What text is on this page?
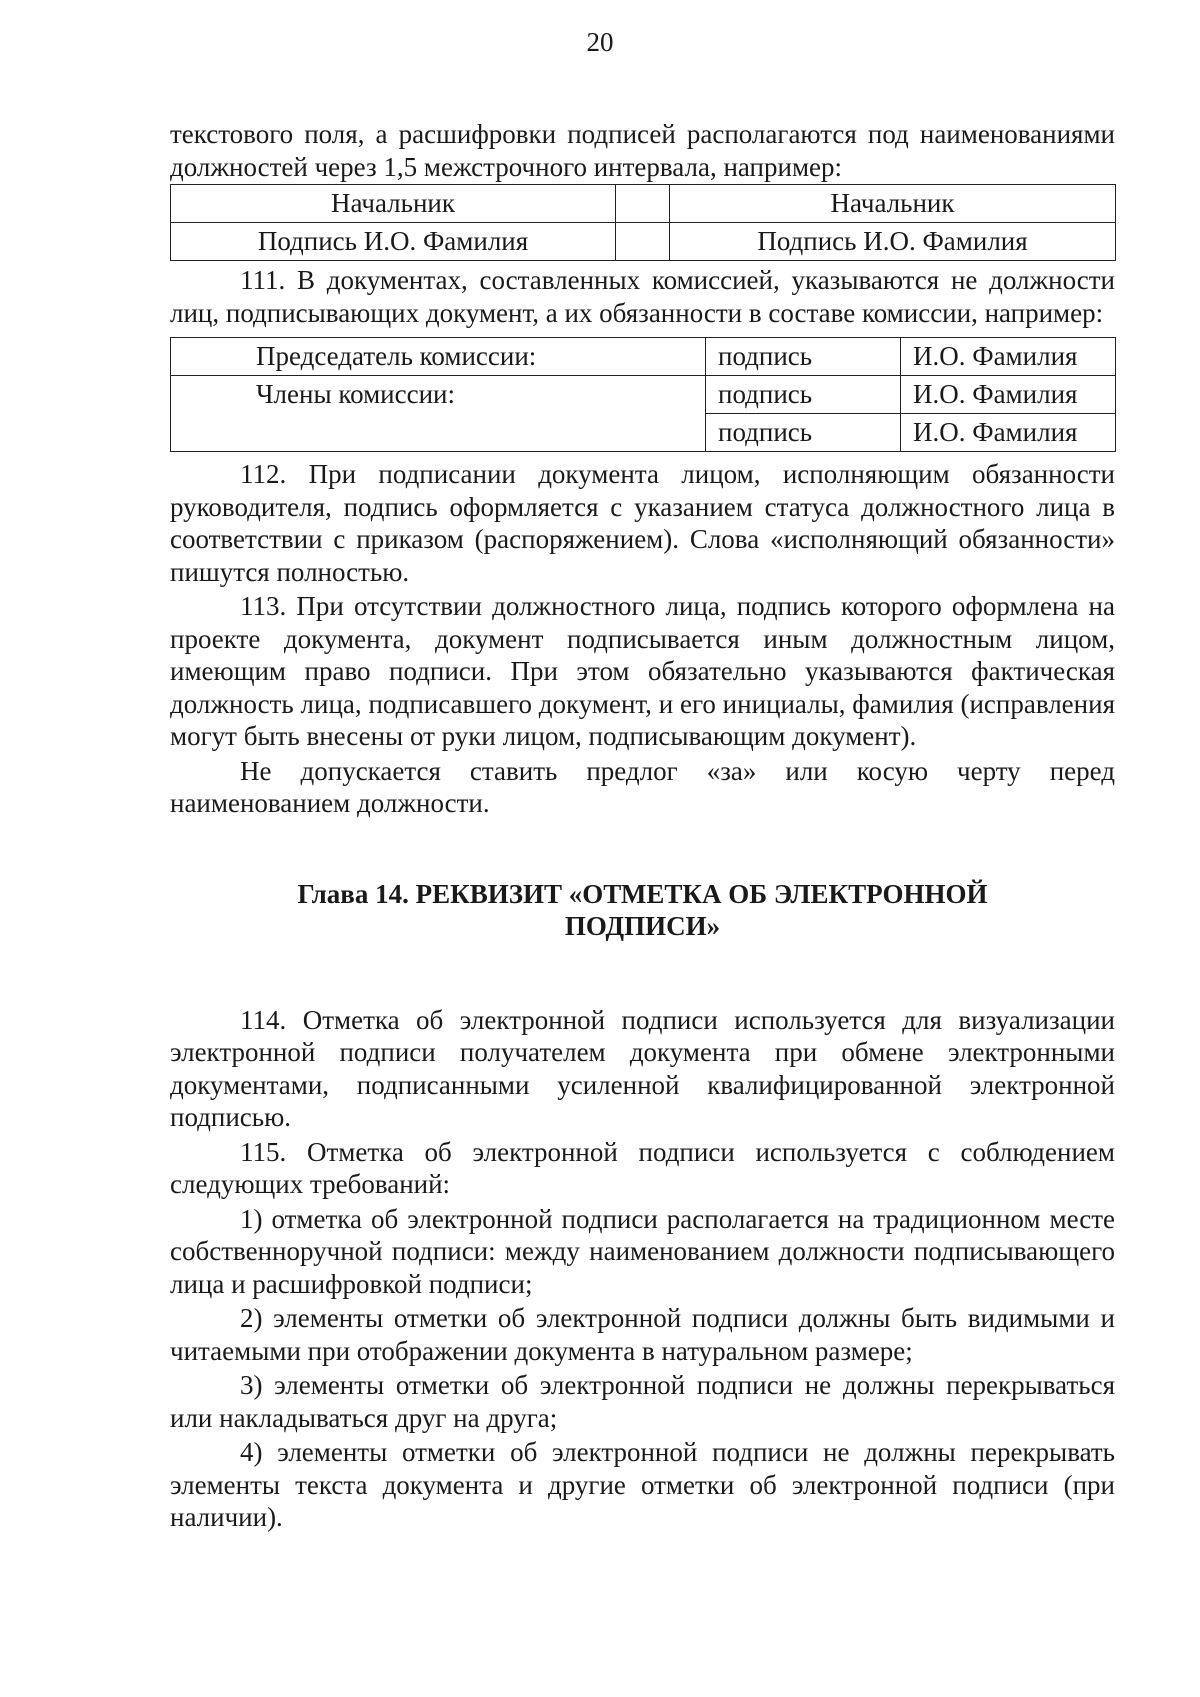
20

текстового поля, а расшифровки подписей располагаются под наименованиями должностей через 1,5 межстрочного интервала, например:

Начальник		Начальник
Подпись И.О. Фамилия		Подпись И.О. Фамилия

111. В документах, составленных комиссией, указываются не должности лиц, подписывающих документ, а их обязанности в составе комиссии, например:

Председатель комиссии:	подпись	И.О. Фамилия
Члены комиссии:	подпись	И.О. Фамилия
	подпись	И.О. Фамилия

112. При подписании документа лицом, исполняющим обязанности руководителя, подпись оформляется с указанием статуса должностного лица в соответствии с приказом (распоряжением). Слова «исполняющий обязанности» пишутся полностью.

113. При отсутствии должностного лица, подпись которого оформлена на проекте документа, документ подписывается иным должностным лицом, имеющим право подписи. При этом обязательно указываются фактическая должность лица, подписавшего документ, и его инициалы, фамилия (исправления могут быть внесены от руки лицом, подписывающим документ).

Не допускается ставить предлог «за» или косую черту перед наименованием должности.

Глава 14. РЕКВИЗИТ «ОТМЕТКА ОБ ЭЛЕКТРОННОЙ
ПОДПИСИ»

114. Отметка об электронной подписи используется для визуализации электронной подписи получателем документа при обмене электронными документами, подписанными усиленной квалифицированной электронной подписью.

115. Отметка об электронной подписи используется с соблюдением следующих требований:

1) отметка об электронной подписи располагается на традиционном месте собственноручной подписи: между наименованием должности подписывающего лица и расшифровкой подписи;

2) элементы отметки об электронной подписи должны быть видимыми и читаемыми при отображении документа в натуральном размере;

3) элементы отметки об электронной подписи не должны перекрываться или накладываться друг на друга;

4) элементы отметки об электронной подписи не должны перекрывать элементы текста документа и другие отметки об электронной подписи (при наличии).
